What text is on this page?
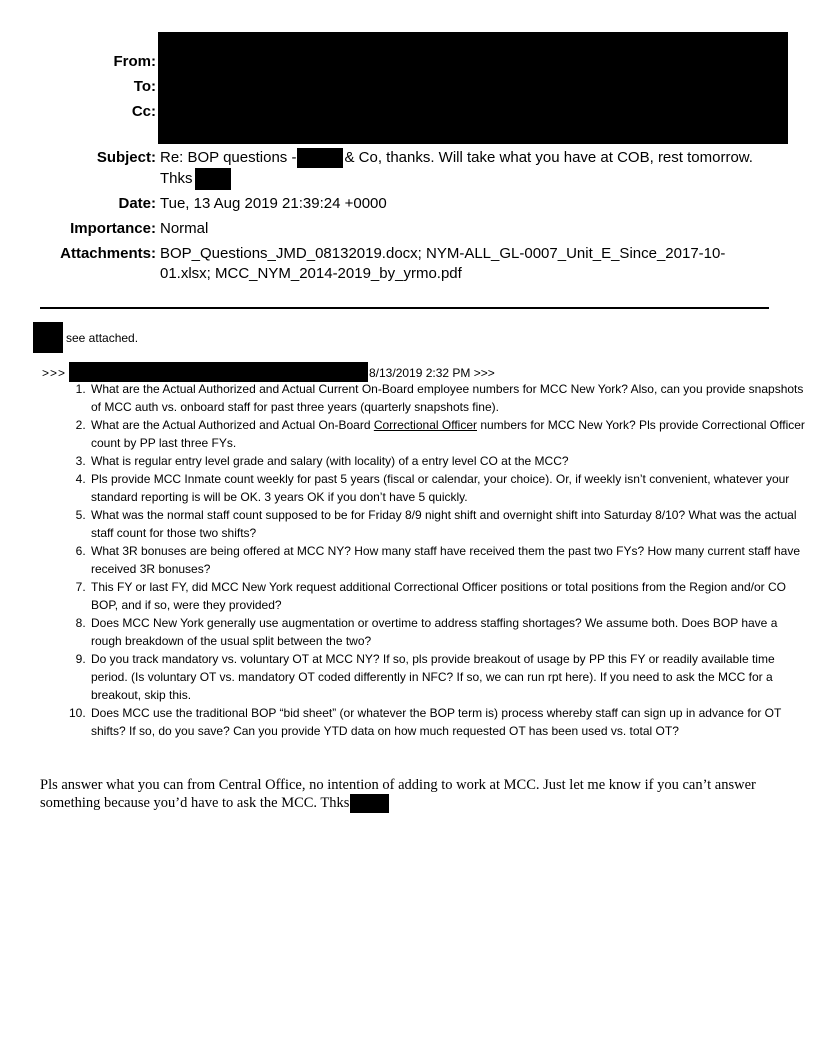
From:
To:
Cc:
Subject: Re: BOP questions -	& Co, thanks. Will take what you have at COB, rest tomorrow. Thks
Date: Tue, 13 Aug 2019 21:39:24 +0000
Importance: Normal
Attachments: BOP_Questions_JMD_08132019.docx; NYM-ALL_GL-0007_Unit_E_Since_2017-10-01.xlsx; MCC_NYM_2014-2019_by_yrmo.pdf
see attached.
>>>	8/13/2019 2:32 PM >>>
1. What are the Actual Authorized and Actual Current On-Board employee numbers for MCC New York? Also, can you provide snapshots of MCC auth vs. onboard staff for past three years (quarterly snapshots fine).
2. What are the Actual Authorized and Actual On-Board Correctional Officer numbers for MCC New York? Pls provide Correctional Officer count by PP last three FYs.
3. What is regular entry level grade and salary (with locality) of a entry level CO at the MCC?
4. Pls provide MCC Inmate count weekly for past 5 years (fiscal or calendar, your choice). Or, if weekly isn’t convenient, whatever your standard reporting is will be OK. 3 years OK if you don’t have 5 quickly.
5. What was the normal staff count supposed to be for Friday 8/9 night shift and overnight shift into Saturday 8/10? What was the actual staff count for those two shifts?
6. What 3R bonuses are being offered at MCC NY? How many staff have received them the past two FYs? How many current staff have received 3R bonuses?
7. This FY or last FY, did MCC New York request additional Correctional Officer positions or total positions from the Region and/or CO BOP, and if so, were they provided?
8. Does MCC New York generally use augmentation or overtime to address staffing shortages? We assume both. Does BOP have a rough breakdown of the usual split between the two?
9. Do you track mandatory vs. voluntary OT at MCC NY? If so, pls provide breakout of usage by PP this FY or readily available time period. (Is voluntary OT vs. mandatory OT coded differently in NFC? If so, we can run rpt here). If you need to ask the MCC for a breakout, skip this.
10. Does MCC use the traditional BOP “bid sheet” (or whatever the BOP term is) process whereby staff can sign up in advance for OT shifts? If so, do you save? Can you provide YTD data on how much requested OT has been used vs. total OT?
Pls answer what you can from Central Office, no intention of adding to work at MCC. Just let me know if you can’t answer something because you’d have to ask the MCC. Thks
